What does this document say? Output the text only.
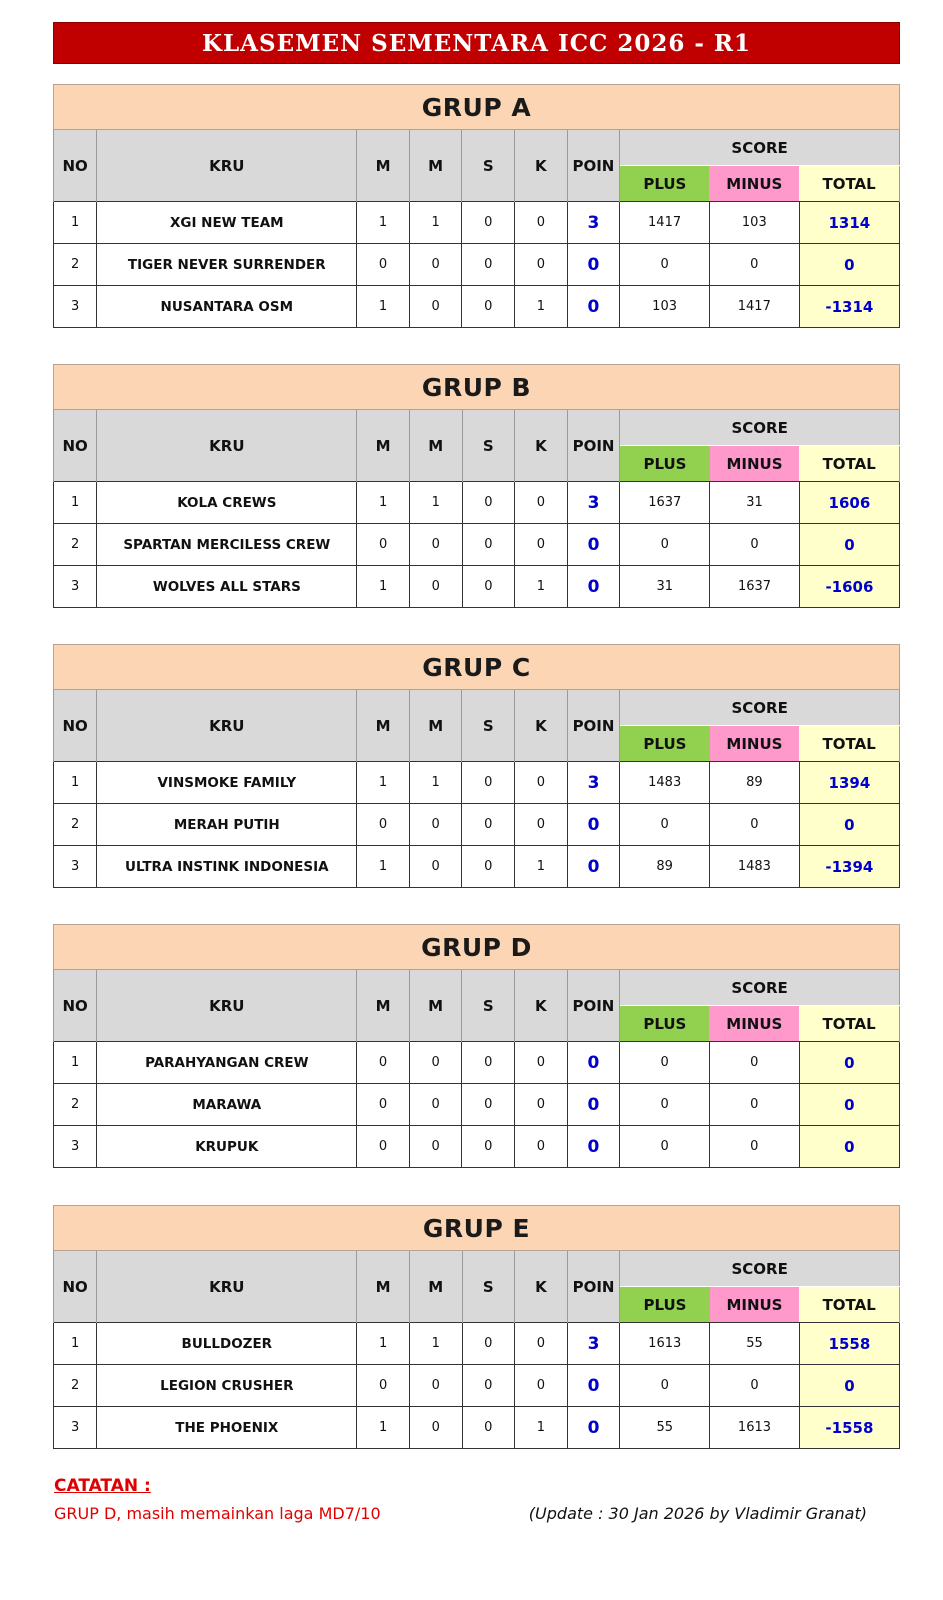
KLASEMEN SEMENTARA ICC 2026 - R1
GRUP A									
NO	KRU	M	M	S	K	POIN	SCORE		
							PLUS	MINUS	TOTAL
1	XGI NEW TEAM	1	1	0	0	3	1417	103	1314
2	TIGER NEVER SURRENDER	0	0	0	0	0	0	0	0
3	NUSANTARA OSM	1	0	0	1	0	103	1417	-1314
GRUP B									
NO	KRU	M	M	S	K	POIN	SCORE		
							PLUS	MINUS	TOTAL
1	KOLA CREWS	1	1	0	0	3	1637	31	1606
2	SPARTAN MERCILESS CREW	0	0	0	0	0	0	0	0
3	WOLVES ALL STARS	1	0	0	1	0	31	1637	-1606
GRUP C									
NO	KRU	M	M	S	K	POIN	SCORE		
							PLUS	MINUS	TOTAL
1	VINSMOKE FAMILY	1	1	0	0	3	1483	89	1394
2	MERAH PUTIH	0	0	0	0	0	0	0	0
3	ULTRA INSTINK INDONESIA	1	0	0	1	0	89	1483	-1394
GRUP D									
NO	KRU	M	M	S	K	POIN	SCORE		
							PLUS	MINUS	TOTAL
1	PARAHYANGAN CREW	0	0	0	0	0	0	0	0
2	MARAWA	0	0	0	0	0	0	0	0
3	KRUPUK	0	0	0	0	0	0	0	0
GRUP E									
NO	KRU	M	M	S	K	POIN	SCORE		
							PLUS	MINUS	TOTAL
1	BULLDOZER	1	1	0	0	3	1613	55	1558
2	LEGION CRUSHER	0	0	0	0	0	0	0	0
3	THE PHOENIX	1	0	0	1	0	55	1613	-1558
CATATAN :
GRUP D, masih memainkan laga MD7/10	(Update : 30 Jan 2026 by Vladimir Granat)
